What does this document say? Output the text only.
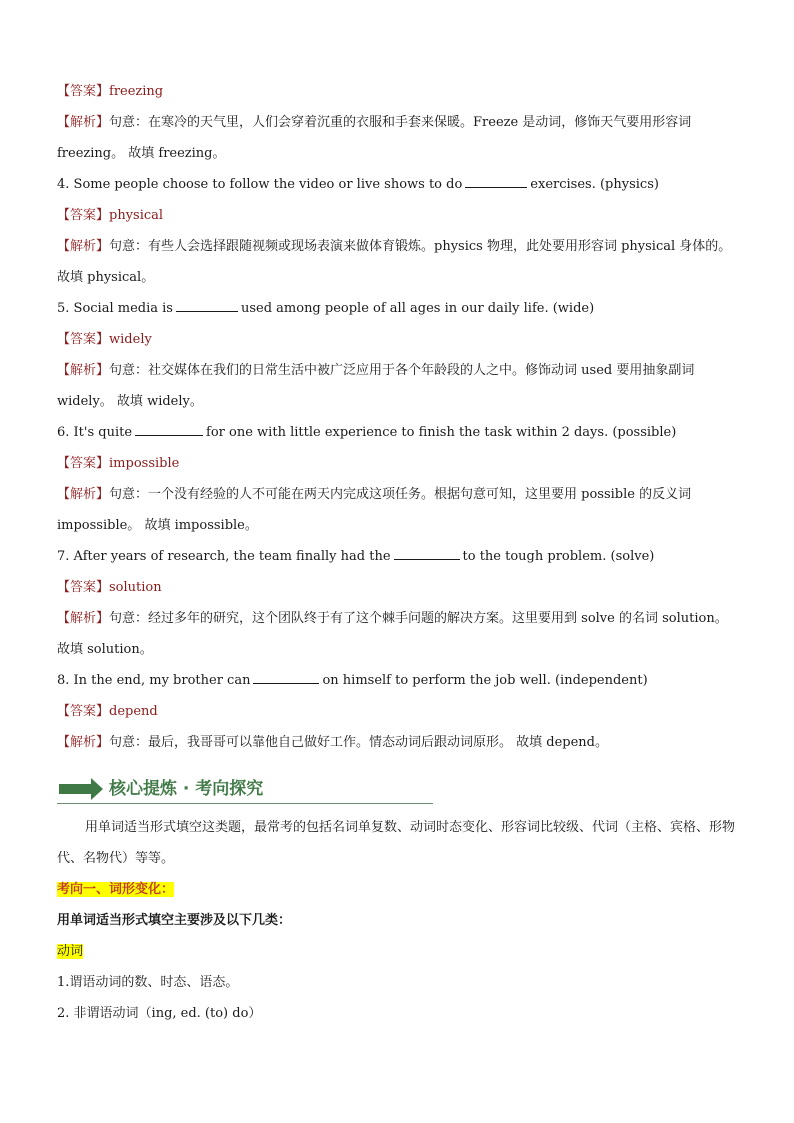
【答案】freezing
【解析】句意：在寒冷的天气里，人们会穿着沉重的衣服和手套来保暖。Freeze 是动词，修饰天气要用形容词 freezing。 故填 freezing。
4. Some people choose to follow the video or live shows to do	exercises. (physics)
【答案】physical
【解析】句意：有些人会选择跟随视频或现场表演来做体育锻炼。physics 物理，此处要用形容词 physical 身体的。故填 physical。
5. Social media is	used among people of all ages in our daily life. (wide)
【答案】widely
【解析】句意：社交媒体在我们的日常生活中被广泛应用于各个年龄段的人之中。修饰动词 used 要用抽象副词 widely。 故填 widely。
6. It's quite	for one with little experience to finish the task within 2 days. (possible)
【答案】impossible
【解析】句意：一个没有经验的人不可能在两天内完成这项任务。根据句意可知，这里要用 possible 的反义词 impossible。 故填 impossible。
7. After years of research, the team finally had the	to the tough problem. (solve)
【答案】solution
【解析】句意：经过多年的研究，这个团队终于有了这个棘手问题的解决方案。这里要用到 solve 的名词 solution。 故填 solution。
8. In the end, my brother can	on himself to perform the job well. (independent)
【答案】depend
【解析】句意：最后，我哥哥可以靠他自己做好工作。情态动词后跟动词原形。 故填 depend。
核心提炼 · 考向探究
用单词适当形式填空这类题，最常考的包括名词单复数、动词时态变化、形容词比较级、代词（主格、宾格、形物代、名物代）等等。
考向一、词形变化：
用单词适当形式填空主要涉及以下几类：
动词
1.谓语动词的数、时态、语态。
2. 非谓语动词（ing, ed. (to) do）
